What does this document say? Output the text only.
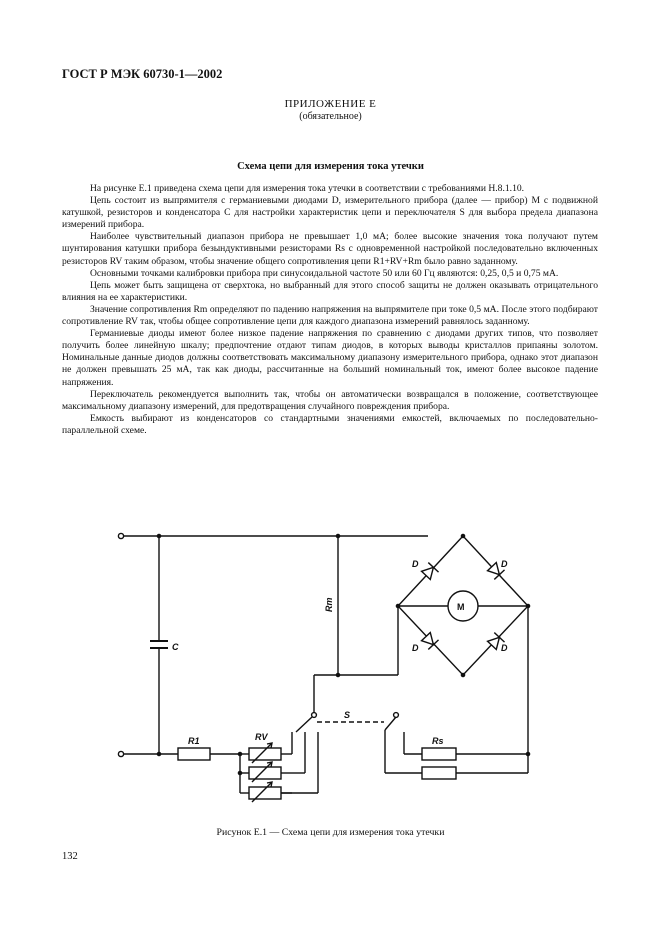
ГОСТ Р МЭК 60730-1—2002
ПРИЛОЖЕНИЕ Е
(обязательное)
Схема цепи для измерения тока утечки

На рисунке Е.1 приведена схема цепи для измерения тока утечки в соответствии с требованиями Н.8.1.10.

Цепь состоит из выпрямителя с германиевыми диодами D, измерительного прибора (далее — прибор) M с подвижной катушкой, резисторов и конденсатора C для настройки характеристик цепи и переключателя S для выбора предела диапазона измерений прибора.

Наиболее чувствительный диапазон прибора не превышает 1,0 мА; более высокие значения тока получают путем шунтирования катушки прибора безындуктивными резисторами Rs с одновременной настройкой последовательно включенных резисторов RV таким образом, чтобы значение общего сопротивления цепи R1+RV+Rm было равно заданному.

Основными точками калибровки прибора при синусоидальной частоте 50 или 60 Гц являются: 0,25, 0,5 и 0,75 мА.

Цепь может быть защищена от сверхтока, но выбранный для этого способ защиты не должен оказывать отрицательного влияния на ее характеристики.

Значение сопротивления Rm определяют по падению напряжения на выпрямителе при токе 0,5 мА. После этого подбирают сопротивление RV так, чтобы общее сопротивление цепи для каждого диапазона измерений равнялось заданному.

Германиевые диоды имеют более низкое падение напряжения по сравнению с диодами других типов, что позволяет получить более линейную шкалу; предпочтение отдают типам диодов, в которых выводы кристаллов припаяны золотом. Номинальные данные диодов должны соответствовать максимальному диапазону измерительного прибора, однако этот диапазон не должен превышать 25 мА, так как диоды, рассчитанные на больший номинальный ток, имеют более высокое падение напряжения.

Переключатель рекомендуется выполнить так, чтобы он автоматически возвращался в положение, соответствующее максимальному диапазону измерений, для предотвращения случайного повреждения прибора.

Емкость выбирают из конденсаторов со стандартными значениями емкостей, включаемых по последовательно-параллельной схеме.

C
R1	RV
S
Rm
Rs
M
D	D
D	D
Рисунок Е.1 — Схема цепи для измерения тока утечки
132
